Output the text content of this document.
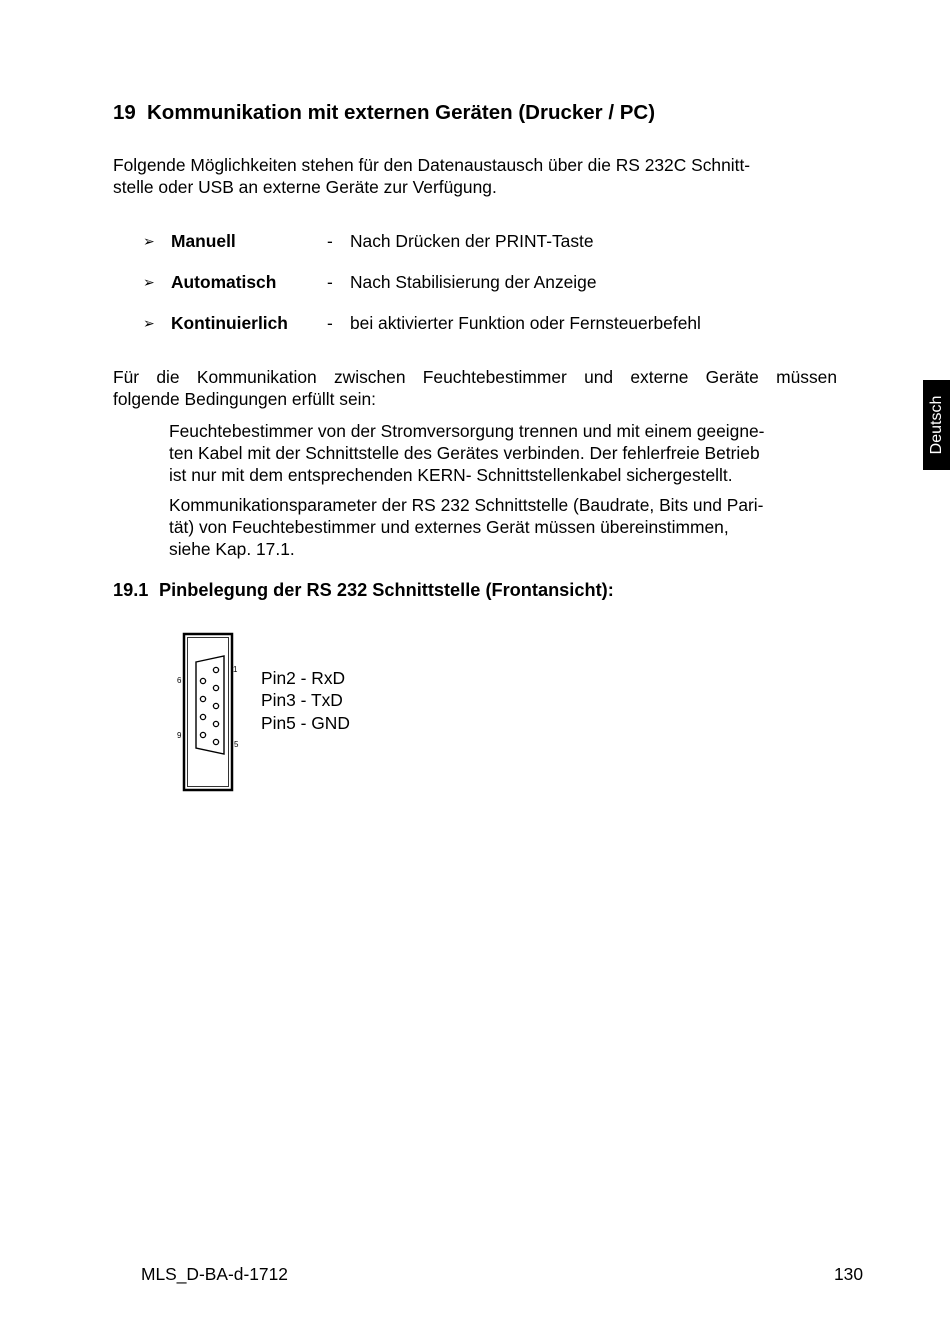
19 Kommunikation mit externen Geräten (Drucker / PC)
Folgende Möglichkeiten stehen für den Datenaustausch über die RS 232C Schnitt-
stelle oder USB an externe Geräte zur Verfügung.
➢ Manuell	- Nach Drücken der PRINT-Taste
➢ Automatisch	- Nach Stabilisierung der Anzeige
➢ Kontinuierlich - bei aktivierter Funktion oder Fernsteuerbefehl
Für die Kommunikation zwischen Feuchtebestimmer und externe Geräte müssen
folgende Bedingungen erfüllt sein:
Feuchtebestimmer von der Stromversorgung trennen und mit einem geeigne-
ten Kabel mit der Schnittstelle des Gerätes verbinden. Der fehlerfreie Betrieb
ist nur mit dem entsprechenden KERN- Schnittstellenkabel sichergestellt.
Kommunikationsparameter der RS 232 Schnittstelle (Baudrate, Bits und Pari-
tät) von Feuchtebestimmer und externes Gerät müssen übereinstimmen,
siehe Kap. 17.1.
19.1 Pinbelegung der RS 232 Schnittstelle (Frontansicht):
6
1
9
5
Pin2 - RxD
Pin3 - TxD
Pin5 - GND
Deutsch
MLS_D-BA-d-1712	130
